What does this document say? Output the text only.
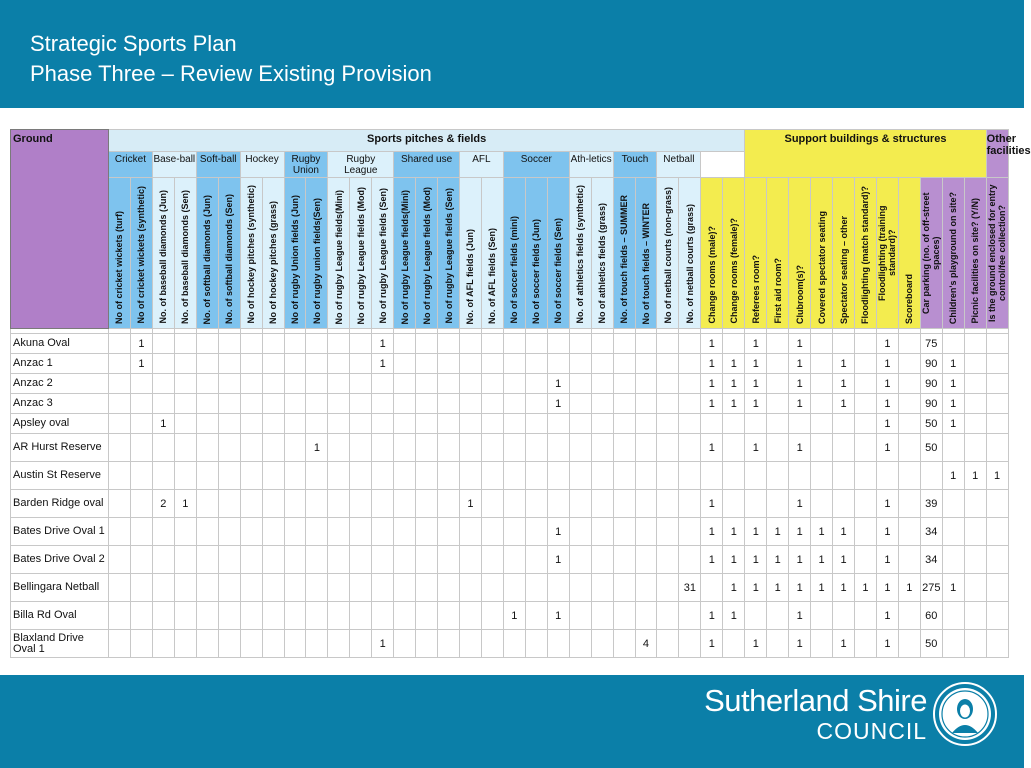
Strategic Sports Plan
Phase Three – Review Existing Provision
Ground	Sports pitches & fields																													Support buildings & structures											Other facilities
	Cricket		Base-ball		Soft-ball		Hockey		Rugby Union		Rugby League			Shared use			AFL		Soccer			Ath-letics		Touch		Netball															

	No of cricket wickets (turf)	No of cricket wickets (synthetic)	No. of baseball diamonds (Jun)	No. of baseball diamonds (Sen)	No. of softball diamonds (Jun)	No. of softball diamonds (Sen)	No of hockey pitches (synthetic)	No of hockey pitches (grass)	No of rugby Union fields (Jun)	No of rugby union fields(Sen)	No of rugby League fields(Mini)	No of rugby League fields (Mod)	No of rugby League fields (Sen)	No of rugby League fields(Mini)	No of rugby League fields (Mod)	No of rugby League fields (Sen)	No. of AFL fields (Jun)	No. of AFL fields (Sen)	No of soccer fields (mini)	No of soccer fields (Jun)	No of soccer fields (Sen)	No. of athletics fields (synthetic)	No of athletics fields (grass)	No. of touch fields – SUMMER	No of touch fields – WINTER	No of netball courts (non-grass)	No. of netball courts (grass)	Change rooms (male)?	Change rooms (female)?	Referees room?	First aid room?	Clubroom(s)?	Covered spectator seating	Spectator seating – other	Floodlighting (match standard)?	Floodlighting (training standard)?	Scoreboard	Car parking (no. of off-street spaces)	Children's playground on site?	Picnic facilities on site? (Y/N)	Is the ground enclosed for entry control/fee collection?

Akuna Oval		1											1															1		1		1				1		75			
Anzac 1		1											1															1	1	1		1		1		1		90	1		
Anzac 2																					1							1	1	1		1		1		1		90	1		
Anzac 3																					1							1	1	1		1		1		1		90	1		
Apsley oval			1																																	1		50	1		
AR Hurst Reserve										1																		1		1		1				1		50			
Austin St Reserve																																							1	1	1
Barden Ridge oval			2	1													1											1				1				1		39			
Bates Drive Oval 1																					1							1	1	1	1	1	1	1		1		34			
Bates Drive Oval 2																					1							1	1	1	1	1	1	1		1		34			
Bellingara Netball																											31		1	1	1	1	1	1	1	1	1	275	1		
Billa Rd Oval																			1		1							1	1			1				1		60			
Blaxland Drive Oval 1													1												4			1		1		1		1		1		50			
Sutherland Shire
COUNCIL
